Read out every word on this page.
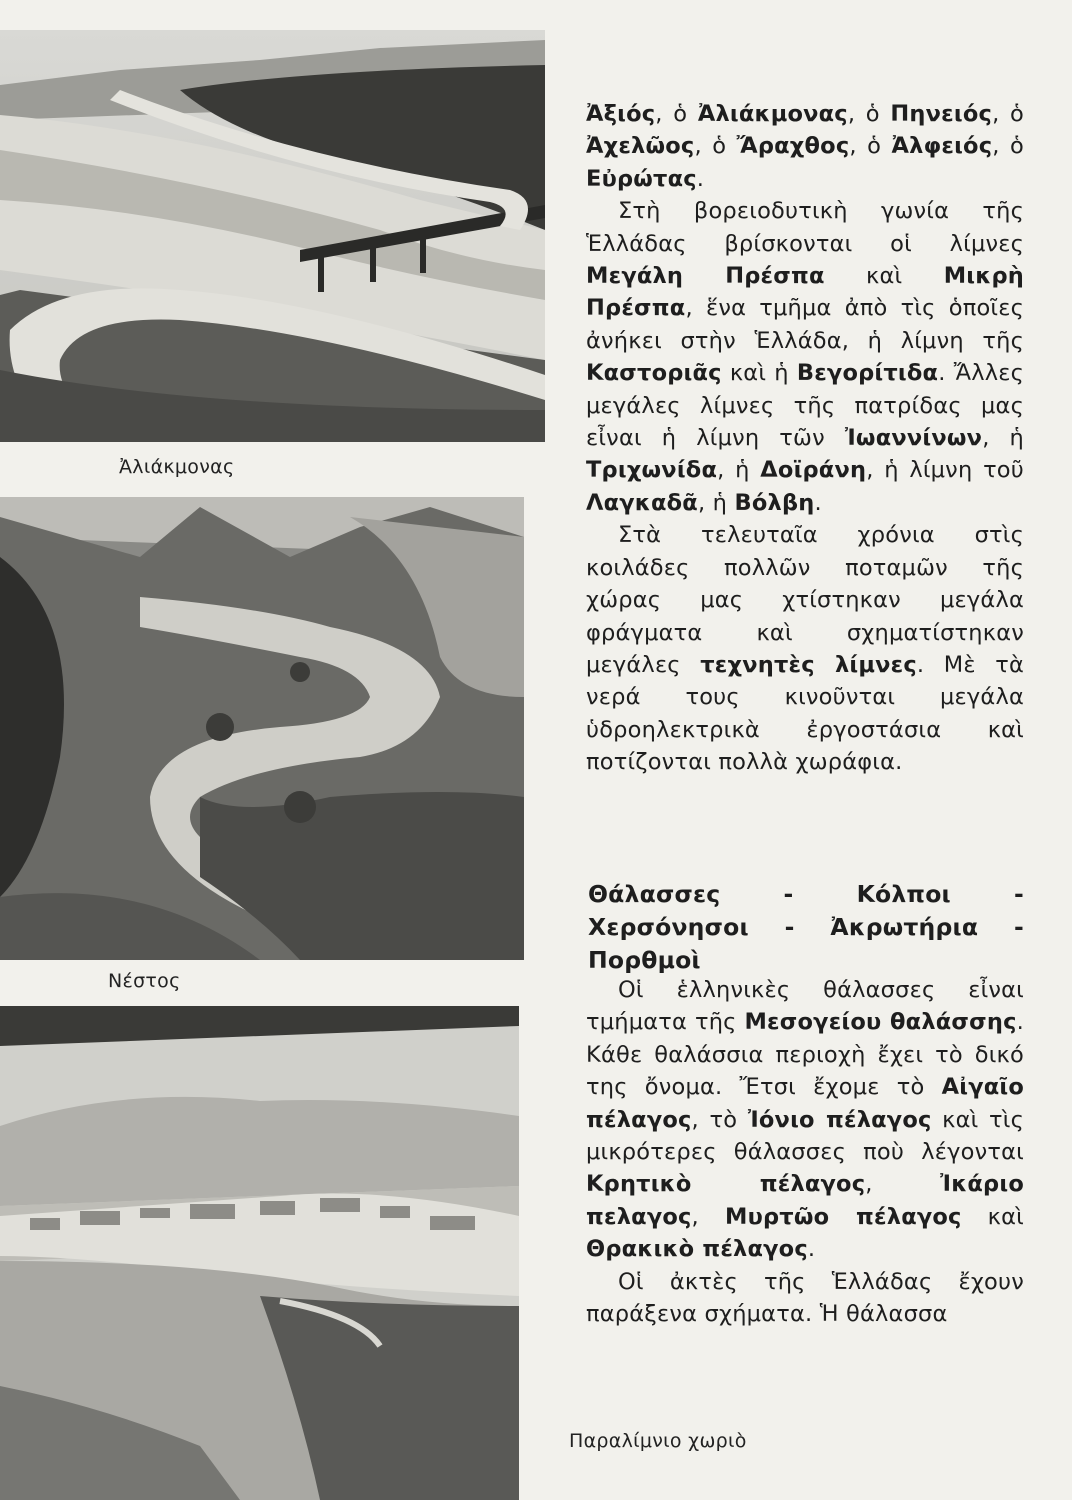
Ἀλιάκμονας
Νέστος
Παραλίμνιο χωριὸ

Ἀξιός, ὁ Ἀλιάκμονας, ὁ Πηνειός, ὁ Ἀχελῶος, ὁ Ἄραχθος, ὁ Ἀλφειός, ὁ Εὐρώτας.

Στὴ βορειοδυτικὴ γωνία τῆς Ἑλλάδας βρίσκονται οἱ λίμνες Μεγάλη Πρέσπα καὶ Μικρὴ Πρέσπα, ἕνα τμῆμα ἀπὸ τὶς ὁποῖες ἀνήκει στὴν Ἑλλάδα, ἡ λίμνη τῆς Καστοριᾶς καὶ ἡ Βεγορίτιδα. Ἄλλες μεγάλες λίμνες τῆς πατρίδας μας εἶναι ἡ λίμνη τῶν Ἰωαννίνων, ἡ Τριχωνίδα, ἡ Δοϊράνη, ἡ λίμνη τοῦ Λαγκαδᾶ, ἡ Βόλβη.

Στὰ τελευταῖα χρόνια στὶς κοιλάδες πολλῶν ποταμῶν τῆς χώρας μας χτίστηκαν μεγάλα φράγματα καὶ σχηματίστηκαν μεγάλες τεχνητὲς λίμνες. Μὲ τὰ νερά τους κινοῦνται μεγάλα ὑδροηλεκτρικὰ ἐργοστάσια καὶ ποτίζονται πολλὰ χωράφια.

Θάλασσες - Κόλποι - Χερσόνησοι - Ἀκρωτήρια - Πορθμοὶ

Οἱ ἑλληνικὲς θάλασσες εἶναι τμήματα τῆς Μεσογείου θαλάσσης. Κάθε θαλάσσια περιοχὴ ἔχει τὸ δικό της ὄνομα. Ἔτσι ἔχομε τὸ Αἰγαῖο πέλαγος, τὸ Ἰόνιο πέλαγος καὶ τὶς μικρότερες θάλασσες ποὺ λέγονται Κρητικὸ πέλαγος, Ἰκάριο πελαγος, Μυρτῶο πέλαγος καὶ Θρακικὸ πέλαγος.

Οἱ ἀκτὲς τῆς Ἑλλάδας ἔχουν παράξενα σχήματα. Ἡ θάλασσα
